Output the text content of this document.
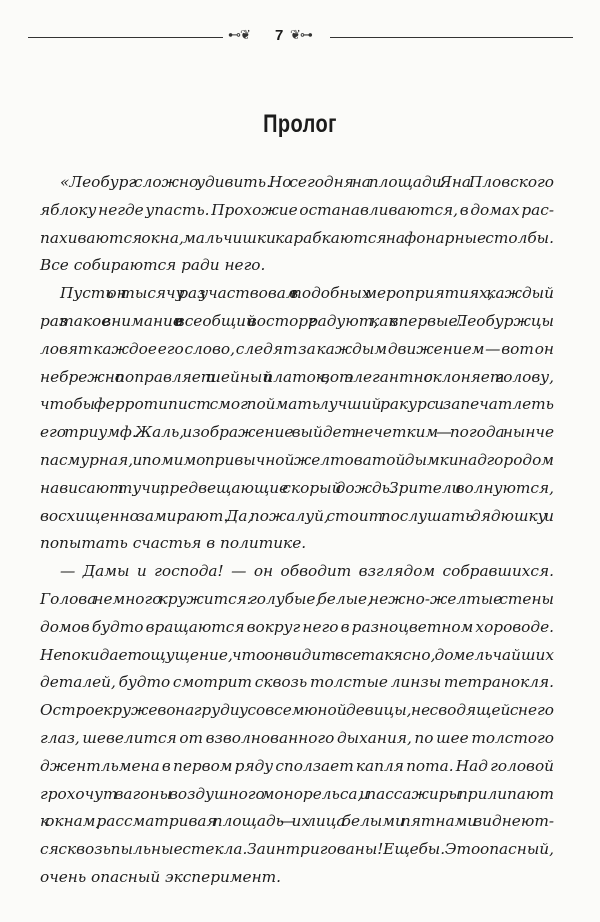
⊷❦ 7 ❦⊶
Пролог
«Леобург сложно удивить. Но сегодня на площади Яна Пловского
яблоку негде упасть. Прохожие останавливаются, в домах рас-
пахиваются окна, мальчишки карабкаются на фонарные столбы.
Все собираются ради него.
Пусть он тысячу раз участвовал в подобных мероприятиях, каждый
раз такое внимание и всеобщий восторг радуют, как впервые. Леобуржцы
ловят каждое его слово, следят за каждым движением — вот он
небрежно поправляет шейный платок, вот элегантно склоняет голову,
чтобы ферротипист смог поймать лучший ракурс и запечатлеть
его триумф. Жаль, изображение выйдет нечетким — погода нынче
пасмурная, и помимо привычной желтоватой дымки над городом
нависают тучи, предвещающие скорый дождь. Зрители волнуются,
восхищенно замирают. Да, пожалуй, стоит послушать дядюшку и
попытать счастья в политике.
— Дамы и господа! — он обводит взглядом собравшихся.
Голова немного кружится: голубые, белые, нежно-желтые стены
домов будто вращаются вокруг него в разноцветном хороводе.
Не покидает ощущение, что он видит все так ясно, до мельчайших
деталей, будто смотрит сквозь толстые линзы тетранокля.
Острое кружево на груди у совсем юной девицы, не сводящей с него
глаз, шевелится от взволнованного дыхания, по шее толстого
джентльмена в первом ряду сползает капля пота. Над головой
грохочут вагоны воздушного монорельса, и пассажиры прилипают
к окнам, рассматривая площадь — их лица белыми пятнами виднеют-
ся сквозь пыльные стекла. Заинтригованы! Еще бы. Это опасный,
очень опасный эксперимент.
